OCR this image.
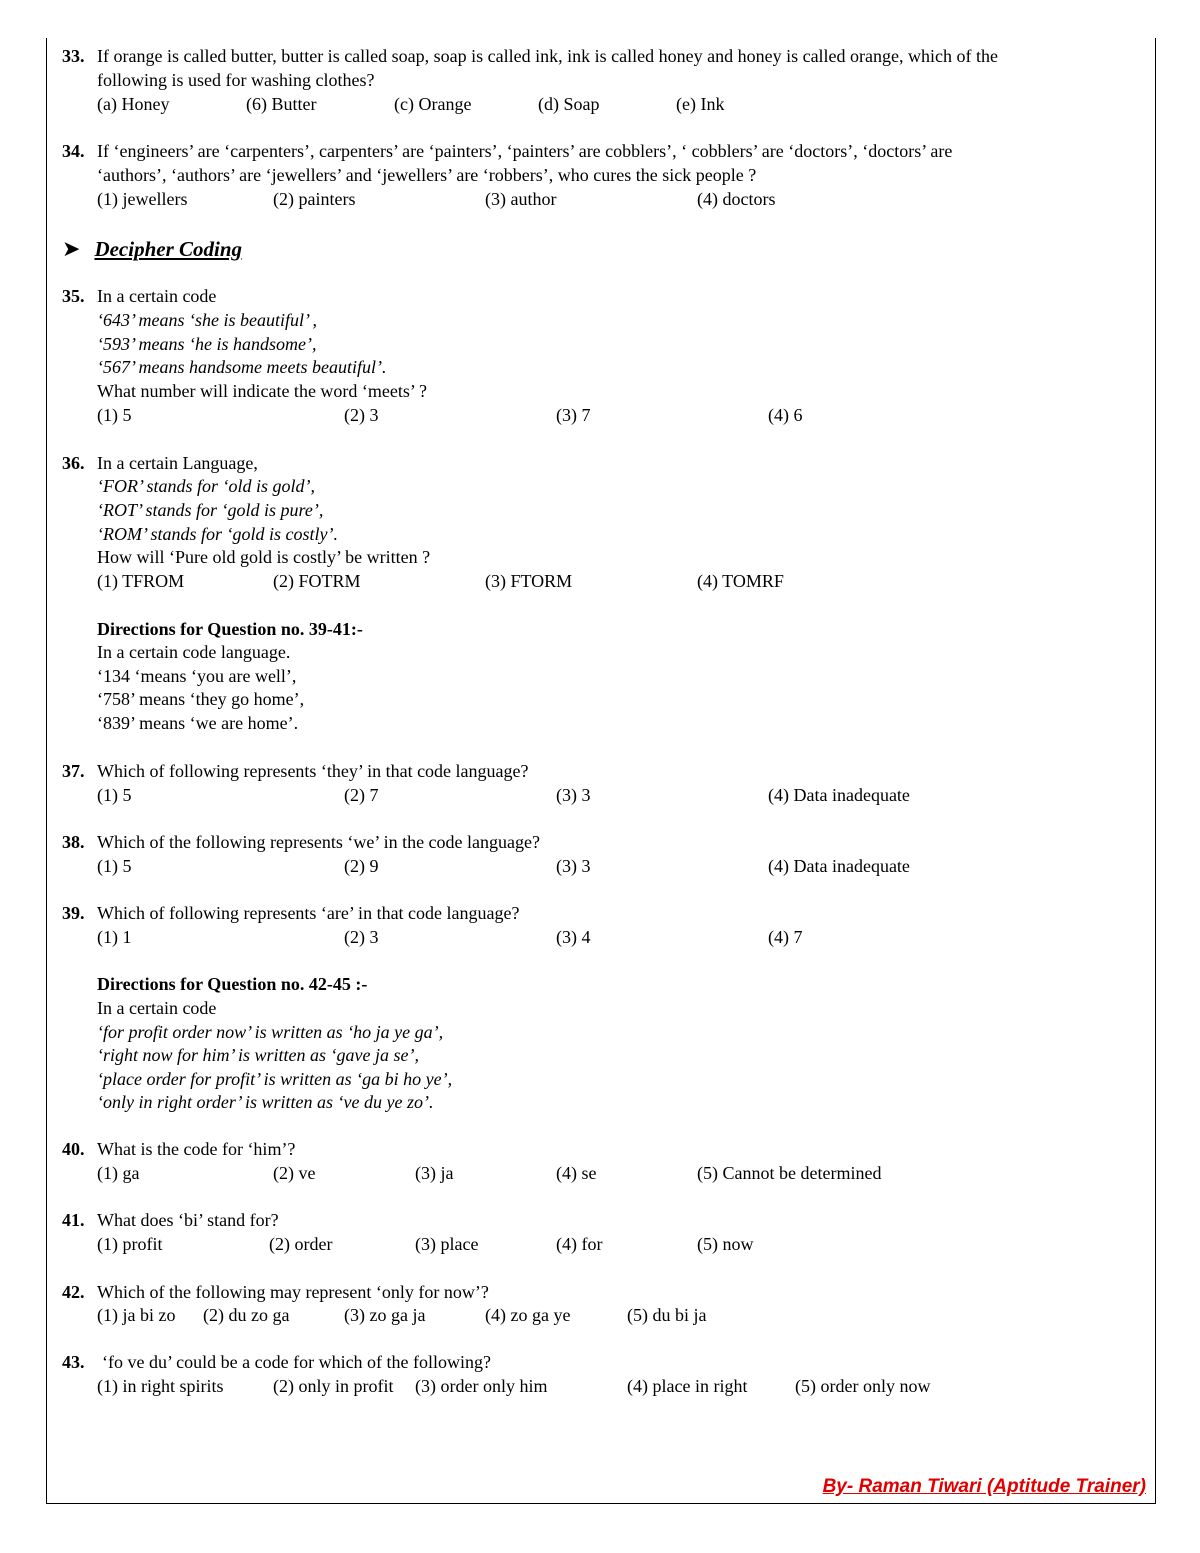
33. If orange is called butter, butter is called soap, soap is called ink, ink is called honey and honey is called orange, which of the
following is used for washing clothes?
(a) Honey	(6) Butter	(c) Orange	(d) Soap	(e) Ink
34. If ‘engineers’ are ‘carpenters’, carpenters’ are ‘painters’, ‘painters’ are cobblers’, ‘ cobblers’ are ‘doctors’, ‘doctors’ are
‘authors’, ‘authors’ are ‘jewellers’ and ‘jewellers’ are ‘robbers’, who cures the sick people ?
(1) jewellers	(2) painters	(3) author	(4) doctors
➤ Decipher Coding
35. In a certain code
‘643’ means ‘she is beautiful’ ,
‘593’ means ‘he is handsome’,
‘567’ means handsome meets beautiful’.
What number will indicate the word ‘meets’ ?
(1) 5	(2) 3	(3) 7	(4) 6
36. In a certain Language,
‘FOR’ stands for ‘old is gold’,
‘ROT’ stands for ‘gold is pure’,
‘ROM’ stands for ‘gold is costly’.
How will ‘Pure old gold is costly’ be written ?
(1) TFROM	(2) FOTRM	(3) FTORM	(4) TOMRF
Directions for Question no. 39-41:-
In a certain code language.
‘134 ‘means ‘you are well’,
‘758’ means ‘they go home’,
‘839’ means ‘we are home’.
37. Which of following represents ‘they’ in that code language?
(1) 5	(2) 7	(3) 3	(4) Data inadequate
38. Which of the following represents ‘we’ in the code language?
(1) 5	(2) 9	(3) 3	(4) Data inadequate
39. Which of following represents ‘are’ in that code language?
(1) 1	(2) 3	(3) 4	(4) 7
Directions for Question no. 42-45 :-
In a certain code
‘for profit order now’ is written as ‘ho ja ye ga’,
‘right now for him’ is written as ‘gave ja se’,
‘place order for profit’ is written as ‘ga bi ho ye’,
‘only in right order’ is written as ‘ve du ye zo’.
40. What is the code for ‘him’?
(1) ga	(2) ve	(3) ja	(4) se	(5) Cannot be determined
41. What does ‘bi’ stand for?
(1) profit	(2) order	(3) place	(4) for	(5) now
42. Which of the following may represent ‘only for now’?
(1) ja bi zo (2) du zo ga	(3) zo ga ja	(4) zo ga ye	(5) du bi ja
43. ‘fo ve du’ could be a code for which of the following?
(1) in right spirits	(2) only in profit (3) order only him	(4) place in right	(5) order only now
By- Raman Tiwari (Aptitude Trainer)
